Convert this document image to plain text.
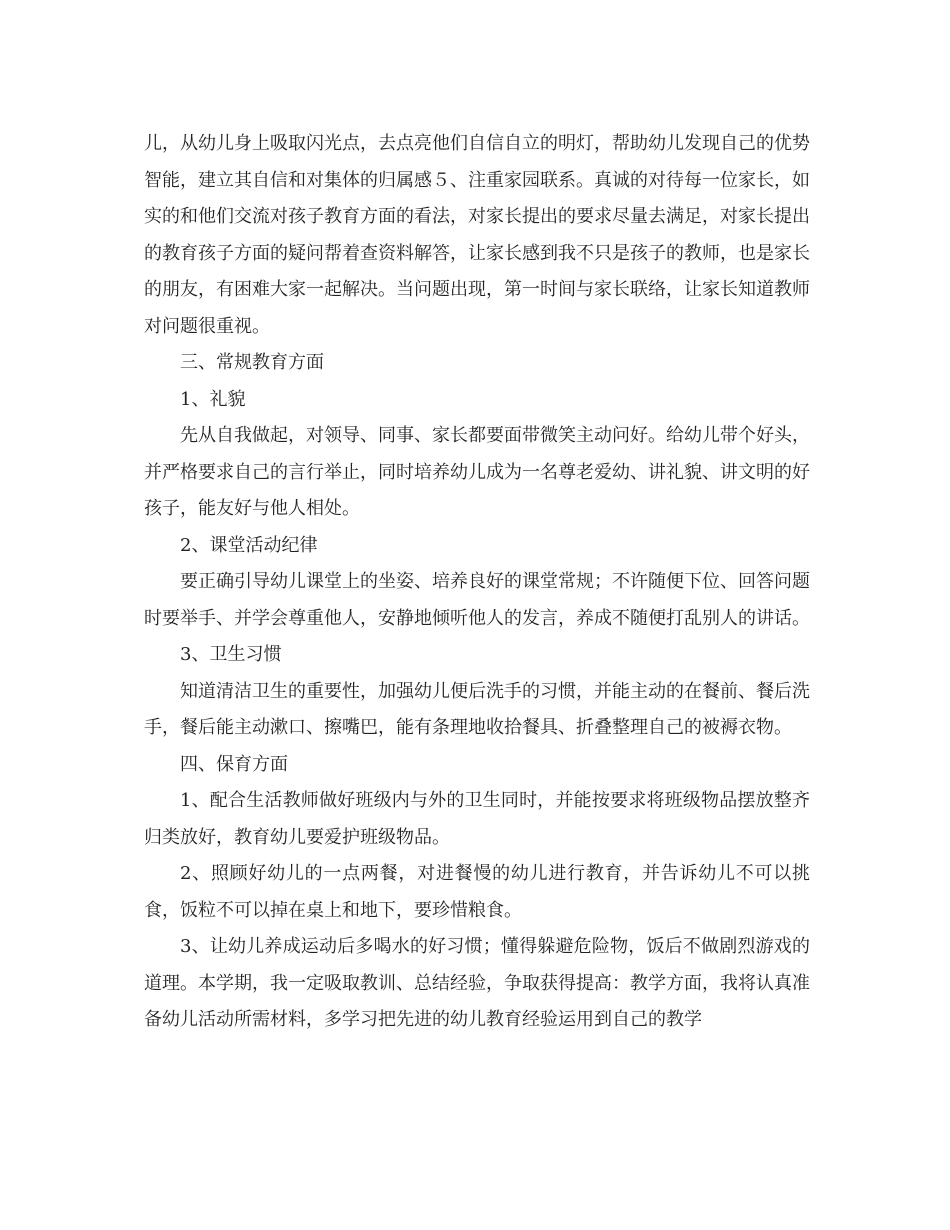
儿，从幼儿身上吸取闪光点，去点亮他们自信自立的明灯，帮助幼儿发现自己的优势智能，建立其自信和对集体的归属感５、注重家园联系。真诚的对待每一位家长，如实的和他们交流对孩子教育方面的看法，对家长提出的要求尽量去满足，对家长提出的教育孩子方面的疑问帮着查资料解答，让家长感到我不只是孩子的教师，也是家长的朋友，有困难大家一起解决。当问题出现，第一时间与家长联络，让家长知道教师对问题很重视。

三、常规教育方面

1、礼貌

先从自我做起，对领导、同事、家长都要面带微笑主动问好。给幼儿带个好头，并严格要求自己的言行举止，同时培养幼儿成为一名尊老爱幼、讲礼貌、讲文明的好孩子，能友好与他人相处。

2、课堂活动纪律

要正确引导幼儿课堂上的坐姿、培养良好的课堂常规；不许随便下位、回答问题时要举手、并学会尊重他人，安静地倾听他人的发言，养成不随便打乱别人的讲话。

3、卫生习惯

知道清洁卫生的重要性，加强幼儿便后洗手的习惯，并能主动的在餐前、餐后洗手，餐后能主动漱口、擦嘴巴，能有条理地收拾餐具、折叠整理自己的被褥衣物。

四、保育方面

1、配合生活教师做好班级内与外的卫生同时，并能按要求将班级物品摆放整齐归类放好，教育幼儿要爱护班级物品。

2、照顾好幼儿的一点两餐，对进餐慢的幼儿进行教育，并告诉幼儿不可以挑食，饭粒不可以掉在桌上和地下，要珍惜粮食。

3、让幼儿养成运动后多喝水的好习惯；懂得躲避危险物，饭后不做剧烈游戏的道理。本学期，我一定吸取教训、总结经验，争取获得提高：教学方面，我将认真准备幼儿活动所需材料，多学习把先进的幼儿教育经验运用到自己的教学
